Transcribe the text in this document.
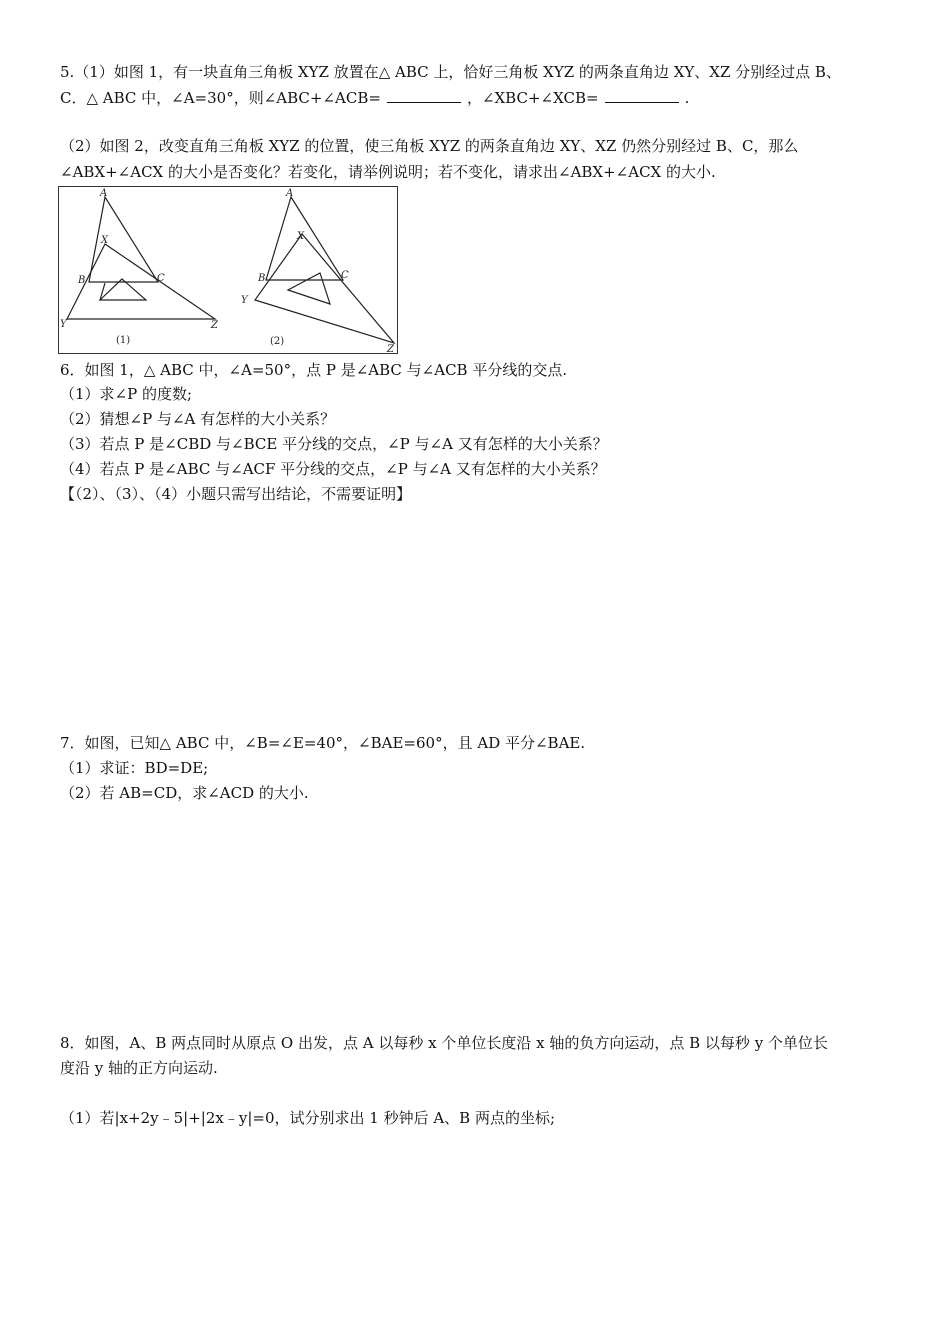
5.（1）如图 1，有一块直角三角板 XYZ 放置在△ ABC 上，恰好三角板 XYZ 的两条直角边 XY、XZ 分别经过点 B、
C．△ ABC 中，∠A=30°，则∠ABC+∠ACB=	，∠XBC+∠XCB=	.
（2）如图 2，改变直角三角板 XYZ 的位置，使三角板 XYZ 的两条直角边 XY、XZ 仍然分别经过 B、C，那么
∠ABX+∠ACX 的大小是否变化？若变化，请举例说明；若不变化，请求出∠ABX+∠ACX 的大小.
A
X
B	C
Y	Z
(1)
A
X
B	C
Y
Z
(2)
6．如图 1，△ ABC 中，∠A=50°，点 P 是∠ABC 与∠ACB 平分线的交点.
（1）求∠P 的度数;
（2）猜想∠P 与∠A 有怎样的大小关系？
（3）若点 P 是∠CBD 与∠BCE 平分线的交点，∠P 与∠A 又有怎样的大小关系？
（4）若点 P 是∠ABC 与∠ACF 平分线的交点，∠P 与∠A 又有怎样的大小关系？
【（2）、（3）、（4）小题只需写出结论，不需要证明】
7．如图，已知△ ABC 中，∠B=∠E=40°，∠BAE=60°，且 AD 平分∠BAE.
（1）求证：BD=DE;
（2）若 AB=CD，求∠ACD 的大小.
8．如图，A、B 两点同时从原点 O 出发，点 A 以每秒 x 个单位长度沿 x 轴的负方向运动，点 B 以每秒 y 个单位长
度沿 y 轴的正方向运动.
（1）若|x+2y﹣5|+|2x﹣y|=0，试分别求出 1 秒钟后 A、B 两点的坐标;
